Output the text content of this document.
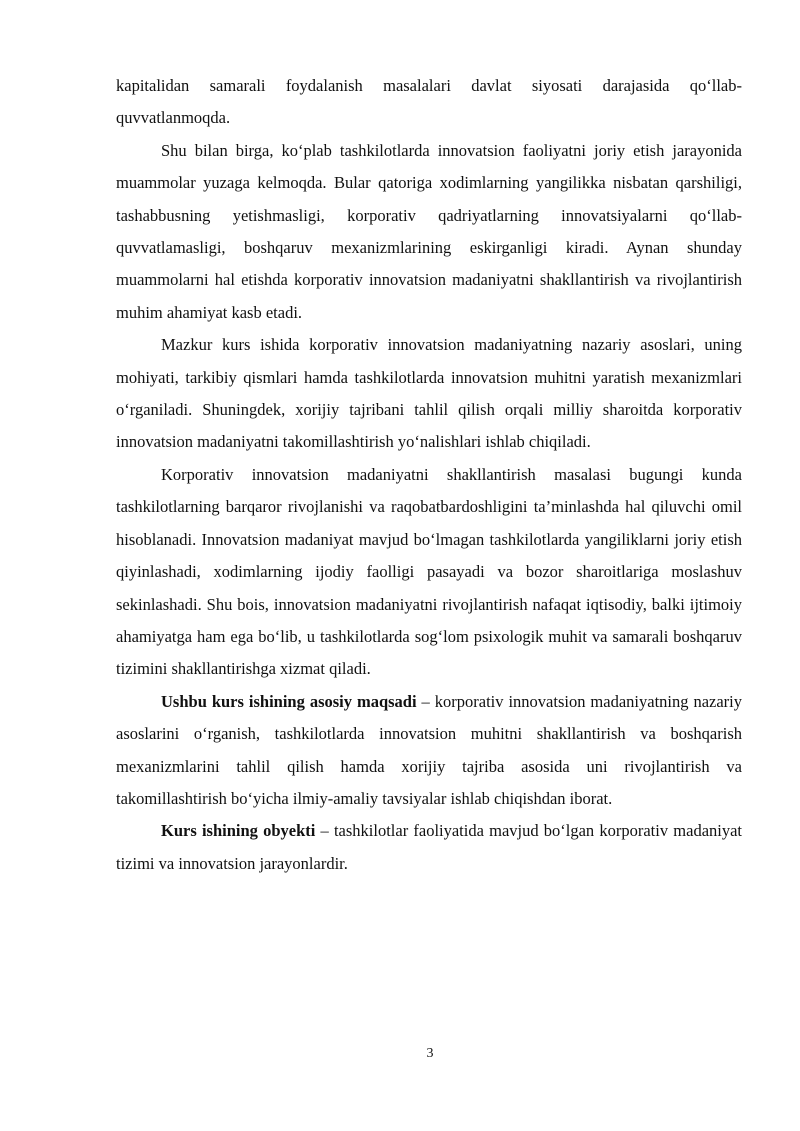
kapitalidan samarali foydalanish masalalari davlat siyosati darajasida qo‘llab-quvvatlanmoqda.

Shu bilan birga, ko‘plab tashkilotlarda innovatsion faoliyatni joriy etish jarayonida muammolar yuzaga kelmoqda. Bular qatoriga xodimlarning yangilikka nisbatan qarshiligi, tashabbusning yetishmasligi, korporativ qadriyatlarning innovatsiyalarni qo‘llab-quvvatlamasligi, boshqaruv mexanizmlarining eskirganligi kiradi. Aynan shunday muammolarni hal etishda korporativ innovatsion madaniyatni shakllantirish va rivojlantirish muhim ahamiyat kasb etadi.

Mazkur kurs ishida korporativ innovatsion madaniyatning nazariy asoslari, uning mohiyati, tarkibiy qismlari hamda tashkilotlarda innovatsion muhitni yaratish mexanizmlari o‘rganiladi. Shuningdek, xorijiy tajribani tahlil qilish orqali milliy sharoitda korporativ innovatsion madaniyatni takomillashtirish yo‘nalishlari ishlab chiqiladi.

Korporativ innovatsion madaniyatni shakllantirish masalasi bugungi kunda tashkilotlarning barqaror rivojlanishi va raqobatbardoshligini ta’minlashda hal qiluvchi omil hisoblanadi. Innovatsion madaniyat mavjud bo‘lmagan tashkilotlarda yangiliklarni joriy etish qiyinlashadi, xodimlarning ijodiy faolligi pasayadi va bozor sharoitlariga moslashuv sekinlashadi. Shu bois, innovatsion madaniyatni rivojlantirish nafaqat iqtisodiy, balki ijtimoiy ahamiyatga ham ega bo‘lib, u tashkilotlarda sog‘lom psixologik muhit va samarali boshqaruv tizimini shakllantirishga xizmat qiladi.

Ushbu kurs ishining asosiy maqsadi – korporativ innovatsion madaniyatning nazariy asoslarini o‘rganish, tashkilotlarda innovatsion muhitni shakllantirish va boshqarish mexanizmlarini tahlil qilish hamda xorijiy tajriba asosida uni rivojlantirish va takomillashtirish bo‘yicha ilmiy-amaliy tavsiyalar ishlab chiqishdan iborat.

Kurs ishining obyekti – tashkilotlar faoliyatida mavjud bo‘lgan korporativ madaniyat tizimi va innovatsion jarayonlardir.

3
